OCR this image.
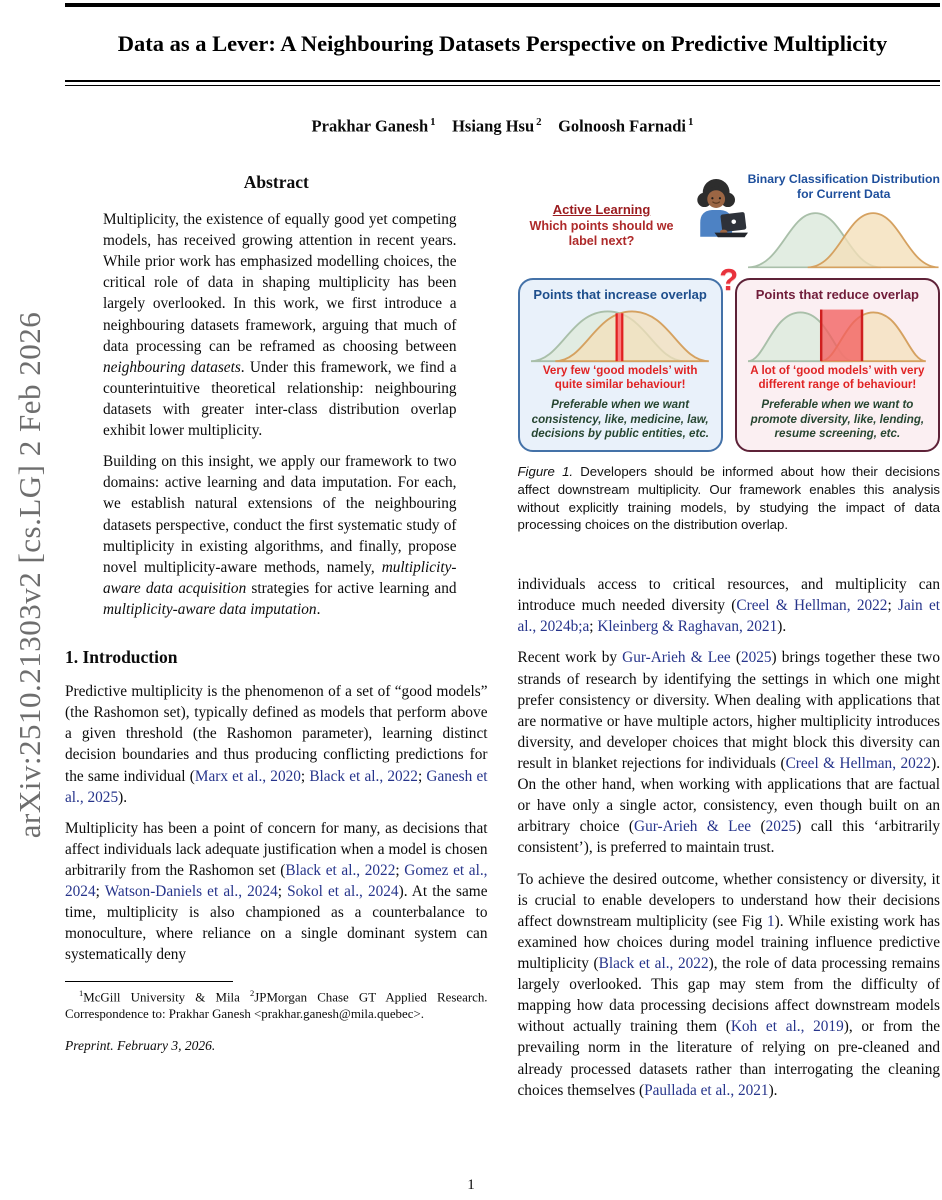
arXiv:2510.21303v2 [cs.LG] 2 Feb 2026
Data as a Lever: A Neighbouring Datasets Perspective on Predictive Multiplicity
Prakhar Ganesh $^1$   Hsiang Hsu $^2$   Golnoosh Farnadi $^1$
Abstract

Multiplicity, the existence of equally good yet competing models, has received growing attention in recent years. While prior work has emphasized modelling choices, the critical role of data in shaping multiplicity has been largely overlooked. In this work, we first introduce a neighbouring datasets framework, arguing that much of data processing can be reframed as choosing between neighbouring datasets. Under this framework, we find a counterintuitive theoretical relationship: neighbouring datasets with greater inter-class distribution overlap exhibit lower multiplicity.

Building on this insight, we apply our framework to two domains: active learning and data imputation. For each, we establish natural extensions of the neighbouring datasets perspective, conduct the first systematic study of multiplicity in existing algorithms, and finally, propose novel multiplicity-aware methods, namely, multiplicity-aware data acquisition strategies for active learning and multiplicity-aware data imputation.

1. Introduction

Predictive multiplicity is the phenomenon of a set of “good models” (the Rashomon set), typically defined as models that perform above a given threshold (the Rashomon parameter), learning distinct decision boundaries and thus producing conflicting predictions for the same individual (Marx et al., 2020; Black et al., 2022; Ganesh et al., 2025).

Multiplicity has been a point of concern for many, as decisions that affect individuals lack adequate justification when a model is chosen arbitrarily from the Rashomon set (Black et al., 2022; Gomez et al., 2024; Watson-Daniels et al., 2024; Sokol et al., 2024). At the same time, multiplicity is also championed as a counterbalance to monoculture, where reliance on a single dominant system can systematically deny

$^1$McGill University & Mila $^2$JPMorgan Chase GT Applied Research. Correspondence to: Prakhar Ganesh <prakhar.ganesh@mila.quebec>.

Preprint. February 3, 2026.
Active Learning
Which points should we label next?
Binary Classification Distribution for Current Data
?
Points that increase overlap
Very few ‘good models’ with quite similar behaviour!
Preferable when we want consistency, like, medicine, law, decisions by public entities, etc.
Points that reduce overlap
A lot of ‘good models’ with very different range of behaviour!
Preferable when we want to promote diversity, like, lending, resume screening, etc.
Figure 1. Developers should be informed about how their decisions affect downstream multiplicity. Our framework enables this analysis without explicitly training models, by studying the impact of data processing choices on the distribution overlap.

individuals access to critical resources, and multiplicity can introduce much needed diversity (Creel & Hellman, 2022; Jain et al., 2024b;a; Kleinberg & Raghavan, 2021).

Recent work by Gur-Arieh & Lee (2025) brings together these two strands of research by identifying the settings in which one might prefer consistency or diversity. When dealing with applications that are normative or have multiple actors, higher multiplicity introduces diversity, and developer choices that might block this diversity can result in blanket rejections for individuals (Creel & Hellman, 2022). On the other hand, when working with applications that are factual or have only a single actor, consistency, even though built on an arbitrary choice (Gur-Arieh & Lee (2025) call this ‘arbitrarily consistent’), is preferred to maintain trust.

To achieve the desired outcome, whether consistency or diversity, it is crucial to enable developers to understand how their decisions affect downstream multiplicity (see Fig 1). While existing work has examined how choices during model training influence predictive multiplicity (Black et al., 2022), the role of data processing remains largely overlooked. This gap may stem from the difficulty of mapping how data processing decisions affect downstream models without actually training them (Koh et al., 2019), or from the prevailing norm in the literature of relying on pre-cleaned and already processed datasets rather than interrogating the cleaning choices themselves (Paullada et al., 2021).

1
